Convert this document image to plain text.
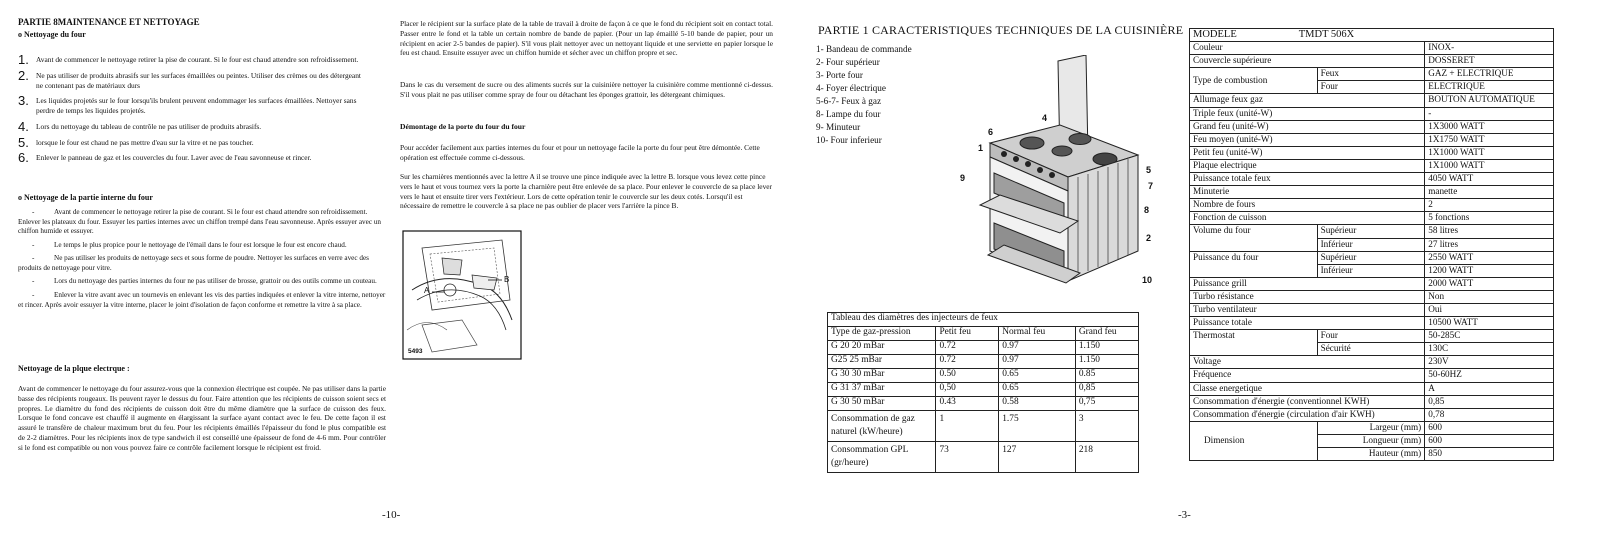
PARTIE 8MAINTENANCE ET NETTOYAGE
o Nettoyage du four
1. Avant de commencer le nettoyage retirer la pise de courant. Si le four est chaud attendre son refroidissement.
2. Ne pas utiliser de produits abrasifs sur les surfaces émaillées ou peintes. Utiliser des crèmes ou des détergeant ne contenant pas de matériaux durs
3. Les liquides projetés sur le four lorsqu'ils brulent peuvent endommager les surfaces émaillées. Nettoyer sans perdre de temps les liquides projetés.
4. Lors du nettoyage du tableau de contrôle ne pas utiliser de produits abrasifs.
5. lorsque le four est chaud ne pas mettre d'eau sur la vitre et ne pas toucher.
6. Enlever le panneau de gaz et les couvercles du four. Laver avec de l'eau savonneuse et rincer.
o Nettoyage de la partie interne du four

-	Avant de commencer le nettoyage retirer la pise de courant. Si le four est chaud attendre son refroidissement. Enlever les plateaux du four. Essuyer les parties internes avec un chiffon trempé dans l'eau savonneuse. Après essuyer avec un chiffon humide et essuyer.

-	Le temps le plus propice pour le nettoyage de l'émail dans le four est lorsque le four est encore chaud.

-	Ne pas utiliser les produits de nettoyage secs et sous forme de poudre. Nettoyer les surfaces en verre avec des produits de nettoyage pour vitre.

-	Lors du nettoyage des parties internes du four ne pas utiliser de brosse, grattoir ou des outils comme un couteau.

-	Enlever la vitre avant avec un tournevis en enlevant les vis des parties indiquées et enlever la vitre interne, nettoyer et rincer. Après avoir essuyer la vitre interne, placer le joint d'isolation de façon conforme et remettre la vitre à sa place.

Nettoyage de la plque electrque :

Avant de commencer le nettoyage du four assurez-vous que la connexion électrique est coupée. Ne pas utiliser dans la partie basse des récipients rougeaux. Ils peuvent rayer le dessus du four. Faire attention que les récipients de cuisson soient secs et propres. Le diamètre du fond des récipients de cuisson doit être du même diamètre que la surface de cuisson des feux. Lorsque le fond concave est chauffé il augmente en élargissant la surface ayant contact avec le feu. De cette façon il est assuré le transfère de chaleur maximum brut du feu. Pour les récipients émaillés l'épaisseur du fond le plus compatible est de 2-2 diamètres. Pour les récipients inox de type sandwich il est conseillé une épaisseur de fond de 4-6 mm. Pour contrôler si le fond est compatible ou non vous pouvez faire ce contrôle facilement lorsque le récipient est froid.

Placer le récipient sur la surface plate de la table de travail à droite de façon à ce que le fond du récipient soit en contact total. Passer entre le fond et la table un certain nombre de bande de papier. (Pour un lap émaillé 5-10 bande de papier, pour un récipient en acier 2-5 bandes de papier). S'il vous plait nettoyer avec un nettoyant liquide et une serviette en papier lorsque le feu est chaud. Ensuite essuyer avec un chiffon humide et sécher avec un chiffon propre et sec.

Dans le cas du versement de sucre ou des aliments sucrés sur la cuisinière nettoyer la cuisinière comme mentionné ci-dessus. S'il vous plait ne pas utiliser comme spray de four ou détachant les éponges grattoir, les détergeant chimiques.

Démontage de la porte du four du four

Pour accéder facilement aux parties internes du four et pour un nettoyage facile la porte du four peut être démontée. Cette opération est effectuée comme ci-dessous.

Sur les charnières mentionnés avec la lettre A il se trouve une pince indiquée avec la lettre B. lorsque vous levez cette pince vers le haut et vous tournez vers la porte la charnière peut être enlevée de sa place. Pour enlever le couvercle de sa place lever vers le haut et ensuite tirer vers l'extérieur. Lors de cette opération tenir le couvercle sur les deux cotés. Lorsqu'il est nécessaire de remettre le couvercle à sa place ne pas oublier de placer vers l'arrière la pince B.

A
B
5493
-10-
PARTIE 1 CARACTERISTIQUES TECHNIQUES DE LA CUISINIÈRE
1- Bandeau de commande
2- Four supérieur
3- Porte four
4- Foyer électrique
5-6-7- Feux à gaz
8- Lampe du four
9- Minuteur
10- Four inferieur
4
6
1
9
5
7
8
2
10
Tableau des diamètres des injecteurs de feux			
Type de gaz-pression	Petit feu	Normal feu	Grand feu
G 20 20 mBar	0.72	0.97	1.150
G25 25 mBar	0.72	0.97	1.150
G 30 30 mBar	0.50	0.65	0.85
G 31 37 mBar	0,50	0.65	0,85
G 30 50 mBar	0.43	0.58	0,75
Consommation de gaz naturel (kW/heure)	1	1.75	3
Consommation GPL (gr/heure)	73	127	218
MODELE TMDT 506X		
Couleur		INOX-
Couvercle supérieure		DOSSERET
Type de combustion	Feux	GAZ + ELECTRIQUE
	Four	ELECTRIQUE
Allumage feux gaz		BOUTON AUTOMATIQUE
Triple feux (unité-W)		-
Grand feu (unité-W)		1X3000 WATT
Feu moyen (unité-W)		1X1750 WATT
Petit feu (unité-W)		1X1000 WATT
Plaque electrique		1X1000 WATT
Puissance totale feux		4050 WATT
Minuterie		manette
Nombre de fours		2
Fonction de cuisson		5 fonctions
Volume du four	Supérieur	58 litres
	Inférieur	27 litres
Puissance du four	Supérieur	2550 WATT
	Inférieur	1200 WATT
Puissance grill		2000 WATT
Turbo résistance		Non
Turbo ventilateur		Oui
Puissance totale		10500 WATT
Thermostat	Four	50-285C
	Sécurité	130C
Voltage		230V
Fréquence		50-60HZ
Classe energetique		A
Consommation d'énergie (conventionnel KWH)		0,85
Consommation d'énergie (circulation d'air KWH)		0,78
Dimension	Largeur (mm)	600
	Longueur (mm)	600
	Hauteur (mm)	850
-3-
